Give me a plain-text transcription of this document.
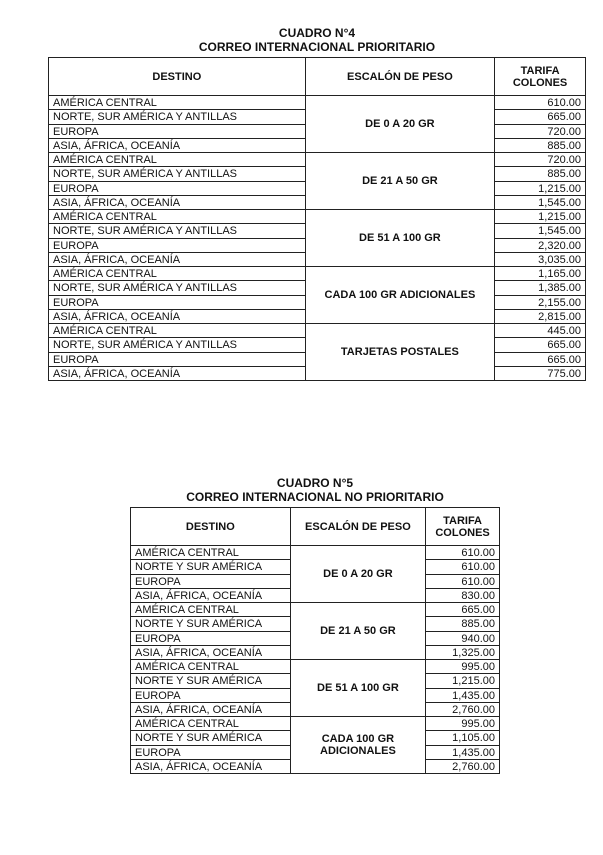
CUADRO N°4
CORREO INTERNACIONAL PRIORITARIO
DESTINO	ESCALÓN DE PESO	TARIFA
COLONES
AMÉRICA CENTRAL	DE 0 A 20 GR	610.00
NORTE, SUR AMÉRICA Y ANTILLAS		665.00
EUROPA		720.00
ASIA, ÁFRICA, OCEANÍA		885.00
AMÉRICA CENTRAL	DE 21 A 50 GR	720.00
NORTE, SUR AMÉRICA Y ANTILLAS		885.00
EUROPA		1,215.00
ASIA, ÁFRICA, OCEANÍA		1,545.00
AMÉRICA CENTRAL	DE 51 A 100 GR	1,215.00
NORTE, SUR AMÉRICA Y ANTILLAS		1,545.00
EUROPA		2,320.00
ASIA, ÁFRICA, OCEANÍA		3,035.00
AMÉRICA CENTRAL	CADA 100 GR ADICIONALES	1,165.00
NORTE, SUR AMÉRICA Y ANTILLAS		1,385.00
EUROPA		2,155.00
ASIA, ÁFRICA, OCEANÍA		2,815.00
AMÉRICA CENTRAL	TARJETAS POSTALES	445.00
NORTE, SUR AMÉRICA Y ANTILLAS		665.00
EUROPA		665.00
ASIA, ÁFRICA, OCEANÍA		775.00
CUADRO N°5
CORREO INTERNACIONAL NO PRIORITARIO
DESTINO	ESCALÓN DE PESO	TARIFA
COLONES
AMÉRICA CENTRAL	DE 0 A 20 GR	610.00
NORTE Y SUR AMÉRICA		610.00
EUROPA		610.00
ASIA, ÁFRICA, OCEANÍA		830.00
AMÉRICA CENTRAL	DE 21 A 50 GR	665.00
NORTE Y SUR AMÉRICA		885.00
EUROPA		940.00
ASIA, ÁFRICA, OCEANÍA		1,325.00
AMÉRICA CENTRAL	DE 51 A 100 GR	995.00
NORTE Y SUR AMÉRICA		1,215.00
EUROPA		1,435.00
ASIA, ÁFRICA, OCEANÍA		2,760.00
AMÉRICA CENTRAL	CADA 100 GR ADICIONALES	995.00
NORTE Y SUR AMÉRICA		1,105.00
EUROPA		1,435.00
ASIA, ÁFRICA, OCEANÍA		2,760.00
